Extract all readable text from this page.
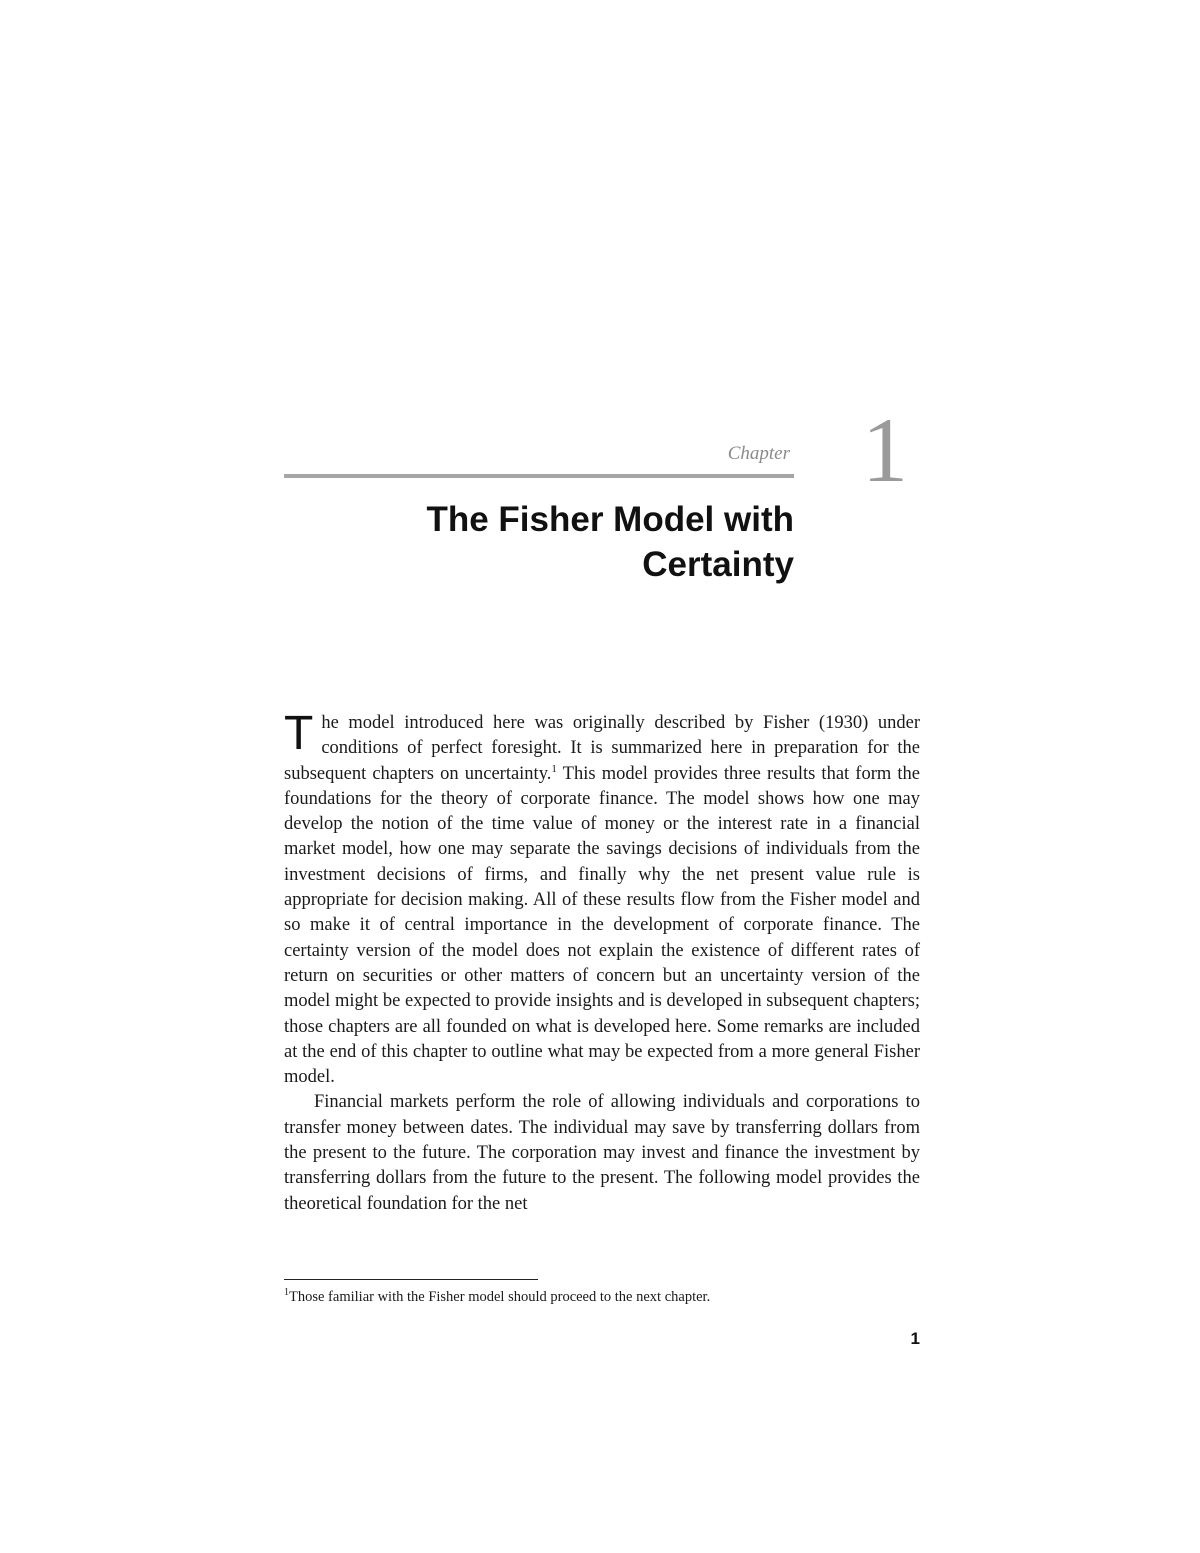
Chapter 1
The Fisher Model with
Certainty

The model introduced here was originally described by Fisher (1930) under conditions of perfect foresight. It is summarized here in preparation for the subsequent chapters on uncertainty.$^1$ This model provides three results that form the foundations for the theory of corporate finance. The model shows how one may develop the notion of the time value of money or the interest rate in a financial market model, how one may separate the savings decisions of individuals from the investment decisions of firms, and finally why the net present value rule is appropriate for decision making. All of these results flow from the Fisher model and so make it of central importance in the development of corporate finance. The certainty version of the model does not explain the existence of different rates of return on securities or other matters of concern but an uncertainty version of the model might be expected to provide insights and is developed in subsequent chapters; those chapters are all founded on what is developed here. Some remarks are included at the end of this chapter to outline what may be expected from a more general Fisher model.

Financial markets perform the role of allowing individuals and corporations to transfer money between dates. The individual may save by transferring dollars from the present to the future. The corporation may invest and finance the investment by transferring dollars from the future to the present. The following model provides the theoretical foundation for the net

$^1$Those familiar with the Fisher model should proceed to the next chapter.
1
